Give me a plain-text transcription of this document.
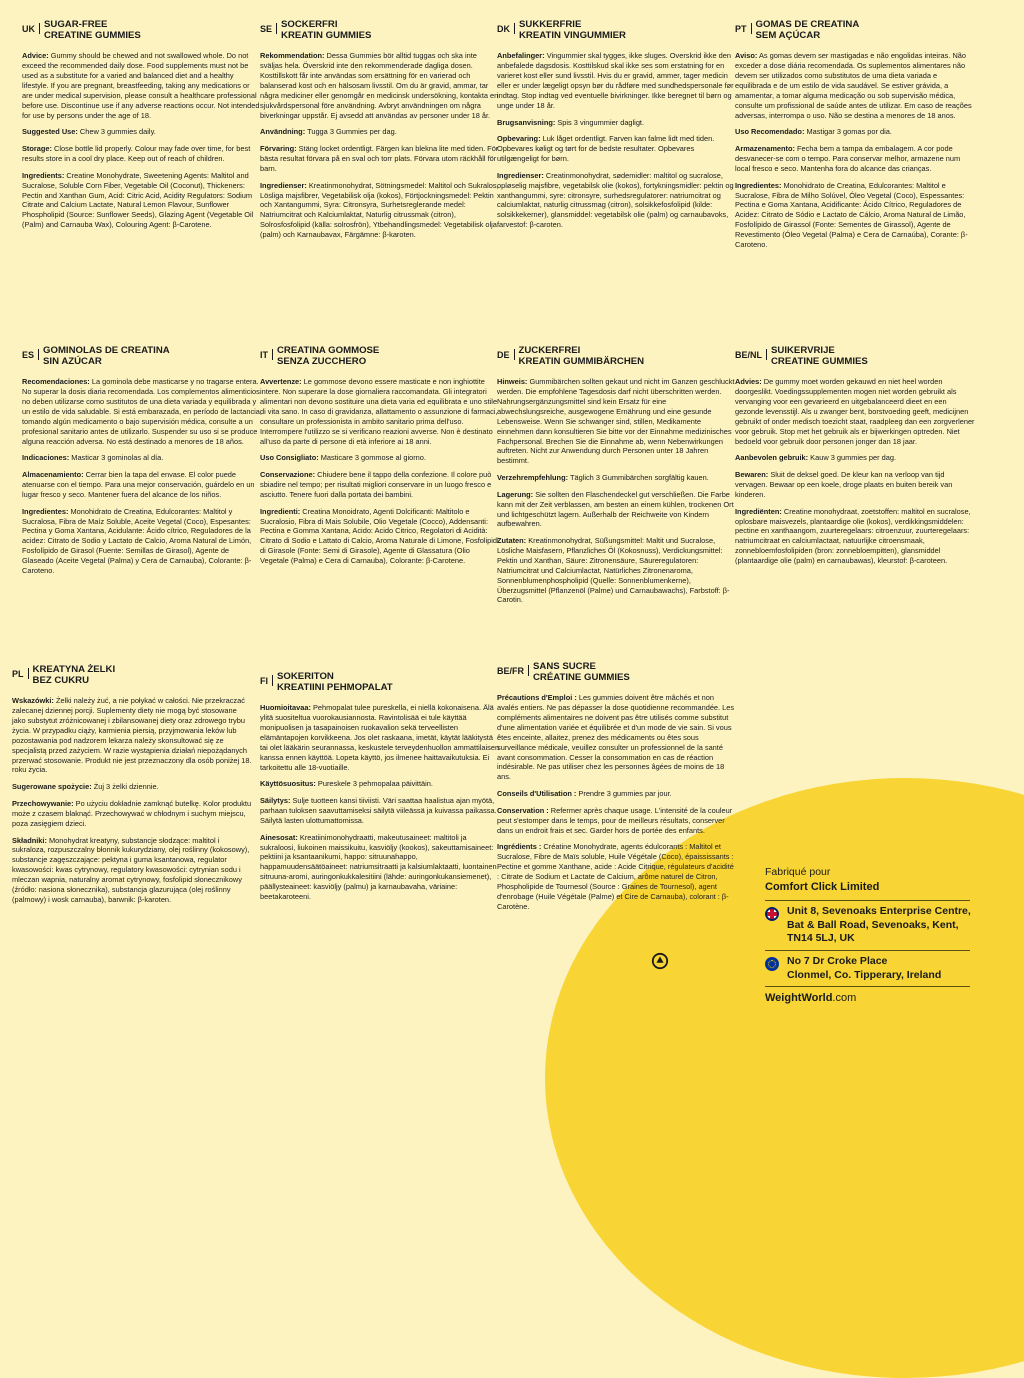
UK SUGAR-FREE
CREATINE GUMMIES

Advice: Gummy should be chewed and not swallowed whole. Do not exceed the recommended daily dose. Food supplements must not be used as a substitute for a varied and balanced diet and a healthy lifestyle. If you are pregnant, breastfeeding, taking any medications or are under medical supervision, please consult a healthcare professional before use. Discontinue use if any adverse reactions occur. Not intended for use by persons under the age of 18.

Suggested Use: Chew 3 gummies daily.

Storage: Close bottle lid properly. Colour may fade over time, for best results store in a cool dry place. Keep out of reach of children.

Ingredients: Creatine Monohydrate, Sweetening Agents: Maltitol and Sucralose, Soluble Corn Fiber, Vegetable Oil (Coconut), Thickeners: Pectin and Xanthan Gum, Acid: Citric Acid, Acidity Regulators: Sodium Citrate and Calcium Lactate, Natural Lemon Flavour, Sunflower Phospholipid (Source: Sunflower Seeds), Glazing Agent (Vegetable Oil (Palm) and Carnauba Wax), Colouring Agent: β-Carotene.

SE SOCKERFRI
KREATIN GUMMIES

Rekommendation: Dessa Gummies bör alltid tuggas och ska inte sväljas hela. Överskrid inte den rekommenderade dagliga dosen. Kosttillskott får inte användas som ersättning för en varierad och balanserad kost och en hälsosam livsstil. Om du är gravid, ammar, tar några mediciner eller genomgår en medicinsk undersökning, kontakta en sjukvårdspersonal före användning. Avbryt användningen om några biverkningar uppstår. Ej avsedd att användas av personer under 18 år.

Användning: Tugga 3 Gummies per dag.

Förvaring: Stäng locket ordentligt. Färgen kan blekna lite med tiden. För bästa resultat förvara på en sval och torr plats. Förvara utom räckhåll för barn.

Ingredienser: Kreatinmonohydrat, Sötningsmedel: Maltitol och Sukralos, Lösliga majsfibrer, Vegetabilisk olja (kokos), Förtjockningsmedel: Pektin och Xantangummi, Syra: Citronsyra, Surhetsreglerande medel: Natriumcitrat och Kalciumlaktat, Naturlig citrussmak (citron), Solrosfosfolipid (källa: solrosfrön), Ytbehandlingsmedel: Vegetabilisk olja (palm) och Karnaubavax, Färgämne: β-karoten.

DK SUKKERFRIE
KREATIN VINGUMMIER

Anbefalinger: Vingummier skal tygges, ikke sluges. Overskrid ikke den anbefalede dagsdosis. Kosttilskud skal ikke ses som erstatning for en varieret kost eller sund livsstil. Hvis du er gravid, ammer, tager medicin eller er under lægeligt opsyn bør du rådføre med sundhedspersonale før indtag. Stop indtag ved eventuelle bivirkninger. Ikke beregnet til børn og unge under 18 år.

Brugsanvisning: Spis 3 vingummier dagligt.

Opbevaring: Luk låget ordentligt. Farven kan falme lidt med tiden. Opbevares køligt og tørt for de bedste resultater. Opbevares utilgængeligt for børn.

Ingredienser: Creatinmonohydrat, sødemidler: maltitol og sucralose, opløselig majsfibre, vegetabilsk olie (kokos), fortykningsmidler: pektin og xanthangummi, syre: citronsyre, surhedsregulatorer: natriumcitrat og calciumlaktat, naturlig citrussmag (citron), solsikkefosfolipid (kilde: solsikkekerner), glansmiddel: vegetabilsk olie (palm) og carnaubavoks, farvestof: β-caroten.

PT GOMAS DE CREATINA
SEM AÇÚCAR

Aviso: As gomas devem ser mastigadas e não engolidas inteiras. Não exceder a dose diária recomendada. Os suplementos alimentares não devem ser utilizados como substitutos de uma dieta variada e equilibrada e de um estilo de vida saudável. Se estiver grávida, a amamentar, a tomar alguma medicação ou sob supervisão médica, consulte um profissional de saúde antes de utilizar. Em caso de reações adversas, interrompa o uso. Não se destina a menores de 18 anos.

Uso Recomendado: Mastigar 3 gomas por dia.

Armazenamento: Fecha bem a tampa da embalagem. A cor pode desvanecer-se com o tempo. Para conservar melhor, armazene num local fresco e seco. Mantenha fora do alcance das crianças.

Ingredientes: Monohidrato de Creatina, Edulcorantes: Maltitol e Sucralose, Fibra de Milho Solúvel, Óleo Vegetal (Coco), Espessantes: Pectina e Goma Xantana, Acidificante: Ácido Cítrico, Reguladores de Acidez: Citrato de Sódio e Lactato de Cálcio, Aroma Natural de Limão, Fosfolípido de Girassol (Fonte: Sementes de Girassol), Agente de Revestimento (Óleo Vegetal (Palma) e Cera de Carnaúba), Corante: β-Caroteno.

ES GOMINOLAS DE CREATINA
SIN AZÚCAR

Recomendaciones: La gominola debe masticarse y no tragarse entera. No superar la dosis diaria recomendada. Los complementos alimenticios no deben utilizarse como sustitutos de una dieta variada y equilibrada y un estilo de vida saludable. Si está embarazada, en período de lactancia, tomando algún medicamento o bajo supervisión médica, consulte a un profesional sanitario antes de utilizarlo. Suspender su uso si se produce alguna reacción adversa. No está destinado a menores de 18 años.

Indicaciones: Masticar 3 gominolas al día.

Almacenamiento: Cerrar bien la tapa del envase. El color puede atenuarse con el tiempo. Para una mejor conservación, guárdelo en un lugar fresco y seco. Mantener fuera del alcance de los niños.

Ingredientes: Monohidrato de Creatina, Edulcorantes: Maltitol y Sucralosa, Fibra de Maíz Soluble, Aceite Vegetal (Coco), Espesantes: Pectina y Goma Xantana, Acidulante: Ácido cítrico, Reguladores de la acidez: Citrato de Sodio y Lactato de Calcio, Aroma Natural de Limón, Fosfolípido de Girasol (Fuente: Semillas de Girasol), Agente de Glaseado (Aceite Vegetal (Palma) y Cera de Carnauba), Colorante: β-Caroteno.

IT CREATINA GOMMOSE
SENZA ZUCCHERO

Avvertenze: Le gommose devono essere masticate e non inghiottite intere. Non superare la dose giornaliera raccomandata. Gli integratori alimentari non devono sostituire una dieta varia ed equilibrata e uno stile di vita sano. In caso di gravidanza, allattamento o assunzione di farmaci, consultare un professionista in ambito sanitario prima dell'uso. Interrompere l'utilizzo se si verificano reazioni avverse. Non è destinato all'uso da parte di persone di età inferiore ai 18 anni.

Uso Consigliato: Masticare 3 gommose al giorno.

Conservazione: Chiudere bene il tappo della confezione. Il colore può sbiadire nel tempo; per risultati migliori conservare in un luogo fresco e asciutto. Tenere fuori dalla portata dei bambini.

Ingredienti: Creatina Monoidrato, Agenti Dolcificanti: Maltitolo e Sucralosio, Fibra di Mais Solubile, Olio Vegetale (Cocco), Addensanti: Pectina e Gomma Xantana, Acido: Acido Citrico, Regolatori di Acidità: Citrato di Sodio e Lattato di Calcio, Aroma Naturale di Limone, Fosfolipidi di Girasole (Fonte: Semi di Girasole), Agente di Glassatura (Olio Vegetale (Palma) e Cera di Carnauba), Colorante: β-Carotene.

DE ZUCKERFREI
KREATIN GUMMIBÄRCHEN

Hinweis: Gummibärchen sollten gekaut und nicht im Ganzen geschluckt werden. Die empfohlene Tagesdosis darf nicht überschritten werden. Nahrungsergänzungsmittel sind kein Ersatz für eine abwechslungsreiche, ausgewogene Ernährung und eine gesunde Lebensweise. Wenn Sie schwanger sind, stillen, Medikamente einnehmen dann konsultieren Sie bitte vor der Einnahme medizinisches Fachpersonal. Brechen Sie die Einnahme ab, wenn Nebenwirkungen auftreten. Nicht zur Anwendung durch Personen unter 18 Jahren bestimmt.

Verzehrempfehlung: Täglich 3 Gummibärchen sorgfältig kauen.

Lagerung: Sie sollten den Flaschendeckel gut verschließen. Die Farbe kann mit der Zeit verblassen, am besten an einem kühlen, trockenen Ort und lichtgeschützt lagern. Außerhalb der Reichweite von Kindern aufbewahren.

Zutaten: Kreatinmonohydrat, Süßungsmittel: Maltit und Sucralose, Lösliche Maisfasern, Pflanzliches Öl (Kokosnuss), Verdickungsmittel: Pektin und Xanthan, Säure: Zitronensäure, Säureregulatoren: Natriumcitrat und Calciumlactat, Natürliches Zitronenaroma, Sonnenblumenphospholipid (Quelle: Sonnenblumenkerne), Überzugsmittel (Pflanzenöl (Palme) und Carnaubawachs), Farbstoff: β-Carotin.

BE/NL SUIKERVRIJE
CREATINE GUMMIES

Advies: De gummy moet worden gekauwd en niet heel worden doorgeslikt. Voedingssupplementen mogen niet worden gebruikt als vervanging voor een gevarieerd en uitgebalanceerd dieet en een gezonde levensstijl. Als u zwanger bent, borstvoeding geeft, medicijnen gebruikt of onder medisch toezicht staat, raadpleeg dan een zorgverlener voor gebruik. Stop met het gebruik als er bijwerkingen optreden. Niet bedoeld voor gebruik door personen jonger dan 18 jaar.

Aanbevolen gebruik: Kauw 3 gummies per dag.

Bewaren: Sluit de deksel goed. De kleur kan na verloop van tijd vervagen. Bewaar op een koele, droge plaats en buiten bereik van kinderen.

Ingrediënten: Creatine monohydraat, zoetstoffen: maltitol en sucralose, oplosbare maisvezels, plantaardige olie (kokos), verdikkingsmiddelen: pectine en xanthaangom, zuurteregelaars: citroenzuur, zuurteregelaars: natriumcitraat en calciumlactaat, natuurlijke citroensmaak, zonnebloemfosfolipiden (bron: zonnebloempitten), glansmiddel (plantaardige olie (palm) en carnaubawas), kleurstof: β-caroteen.

PL KREATYNA ŻELKI
BEZ CUKRU

Wskazówki: Żelki należy żuć, a nie połykać w całości. Nie przekraczać zalecanej dziennej porcji. Suplementy diety nie mogą być stosowane jako substytut zróżnicowanej i zbilansowanej diety oraz zdrowego trybu życia. W przypadku ciąży, karmienia piersią, przyjmowania leków lub pozostawania pod nadzorem lekarza należy skonsultować się ze specjalistą przed zażyciem. W razie wystąpienia działań niepożądanych przerwać stosowanie. Produkt nie jest przeznaczony dla osób poniżej 18. roku życia.

Sugerowane spożycie: Żuj 3 żelki dziennie.

Przechowywanie: Po użyciu dokładnie zamknąć butelkę. Kolor produktu może z czasem blaknąć. Przechowywać w chłodnym i suchym miejscu, poza zasięgiem dzieci.

Składniki: Monohydrat kreatyny, substancje słodzące: maltitol i sukraloza, rozpuszczalny błonnik kukurydziany, olej roślinny (kokosowy), substancje zagęszczające: pektyna i guma ksantanowa, regulator kwasowości: kwas cytrynowy, regulatory kwasowości: cytrynian sodu i mleczan wapnia, naturalny aromat cytrynowy, fosfolipid słonecznikowy (źródło: nasiona słonecznika), substancja glazurująca (olej roślinny (palmowy) i wosk carnauba), barwnik: β-karoten.

FI SOKERITON
KREATIINI PEHMOPALAT

Huomioitavaa: Pehmopalat tulee pureskella, ei niellä kokonaisena. Älä ylitä suositeltua vuorokausiannosta. Ravintolisää ei tule käyttää monipuolisen ja tasapainoisen ruokavalion sekä terveellisten elämäntapojen korvikkeena. Jos olet raskaana, imetät, käytät lääkitystä tai olet lääkärin seurannassa, keskustele terveydenhuollon ammattilaisen kanssa ennen käyttöä. Lopeta käyttö, jos ilmenee haittavaikutuksia. Ei tarkoitettu alle 18-vuotiaille.

Käyttösuositus: Pureskele 3 pehmopalaa päivittäin.

Säilytys: Sulje tuotteen kansi tiiviisti. Väri saattaa haalistua ajan myötä, parhaan tuloksen saavuttamiseksi säilytä viileässä ja kuivassa paikassa. Säilytä lasten ulottumattomissa.

Ainesosat: Kreatiinimonohydraatti, makeutusaineet: maltitoli ja sukraloosi, liukoinen maissikuitu, kasviöljy (kookos), sakeuttamisaineet: pektiini ja ksantaanikumi, happo: sitruunahappo, happamuudensäätöaineet: natriumsitraatti ja kalsiumlaktaatti, luontainen sitruuna-aromi, auringonkukkalesitiini (lähde: auringonkukansiemenet), päällysteaineet: kasviöljy (palmu) ja karnaubavaha, väriaine: beetakaroteeni.

BE/FR SANS SUCRE
CRÉATINE GUMMIES

Précautions d'Emploi : Les gummies doivent être mâchés et non avalés entiers. Ne pas dépasser la dose quotidienne recommandée. Les compléments alimentaires ne doivent pas être utilisés comme substitut d'une alimentation variée et équilibrée et d'un mode de vie sain. Si vous êtes enceinte, allaitez, prenez des médicaments ou êtes sous surveillance médicale, veuillez consulter un professionnel de la santé avant consommation. Cesser la consommation en cas de réaction indésirable. Ne pas utiliser chez les personnes âgées de moins de 18 ans.

Conseils d'Utilisation : Prendre 3 gummies par jour.

Conservation : Refermer après chaque usage. L'intensité de la couleur peut s'estomper dans le temps, pour de meilleurs résultats, conserver dans un endroit frais et sec. Garder hors de portée des enfants.

Ingrédients : Créatine Monohydrate, agents édulcorants : Maltitol et Sucralose, Fibre de Maïs soluble, Huile Végétale (Coco), épaississants : Pectine et gomme Xanthane, acide : Acide Citrique, régulateurs d'acidité : Citrate de Sodium et Lactate de Calcium, arôme naturel de Citron, Phospholipide de Tournesol (Source : Graines de Tournesol), agent d'enrobage (Huile Végétale (Palme) et Cire de Carnauba), colorant : β-Carotène.

Fabriqué pour
Comfort Click Limited
Unit 8, Sevenoaks Enterprise Centre,
Bat & Ball Road, Sevenoaks, Kent,
TN14 5LJ, UK
No 7 Dr Croke Place
Clonmel, Co. Tipperary, Ireland
WeightWorld.com
